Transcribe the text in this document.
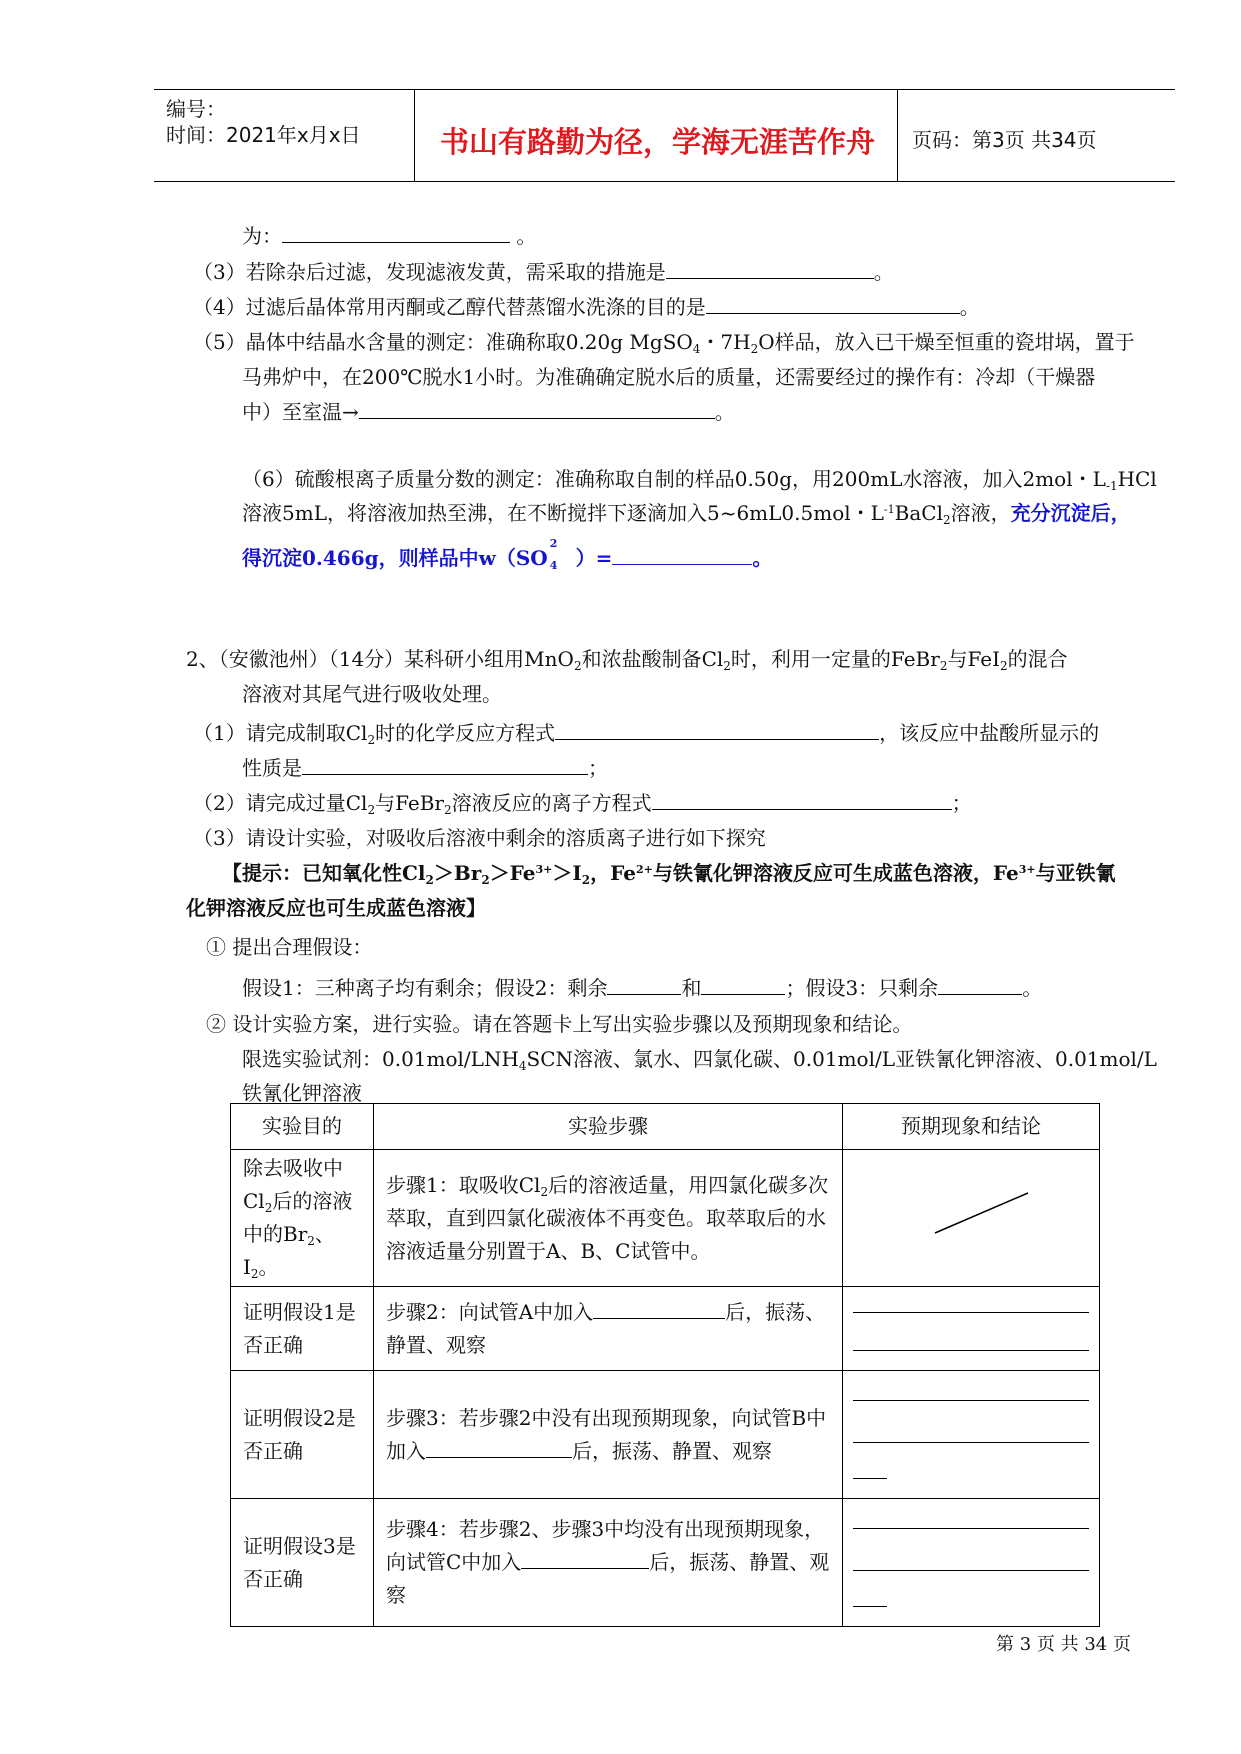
编号：
时间：2021年x月x日	书山有路勤为径，学海无涯苦作舟 页码：第3页 共34页
为：	。
（3）若除杂后过滤，发现滤液发黄，需采取的措施是	。
（4）过滤后晶体常用丙酮或乙醇代替蒸馏水洗涤的目的是	。
（5）晶体中结晶水含量的测定：准确称取0.20g MgSO$_4$・$7H_2O$样品，放入已干燥至恒重的瓷坩埚，置于
马弗炉中，在200℃脱水1小时。为准确确定脱水后的质量，还需要经过的操作有：冷却（干燥器
中）至室温→	。
（6）硫酸根离子质量分数的测定：准确称取自制的样品0.50g，用200mL水溶液，加入2mol・$L_{-1}HCl$
溶液5mL，将溶液加热至沸，在不断搅拌下逐滴加入5~6mL0.5mol・$L^{-1}BaCl_2$溶液，充分沉淀后，
得沉淀0.466g，则样品中w（SO
2
4 ）=	。
2、（安徽池州）（14分）某科研小组用MnO$_2$和浓盐酸制备$Cl_2$时，利用一定量的FeBr$_2$与FeI$_2$的混合
溶液对其尾气进行吸收处理。
（1）请完成制取$Cl_2$时的化学反应方程式	，该反应中盐酸所显示的
性质是	；
（2）请完成过量$Cl_2$与FeBr$_2$溶液反应的离子方程式	；
（3）请设计实验，对吸收后溶液中剩余的溶质离子进行如下探究
【提示：已知氧化性$Cl_2>Br_2>Fe^{3+}>I_2$，$Fe^{2+}$与铁氰化钾溶液反应可生成蓝色溶液，$Fe^{3+}$与亚铁氰
化钾溶液反应也可生成蓝色溶液】
① 提出合理假设：
假设1：三种离子均有剩余；假设2：剩余	和	；假设3：只剩余	。
② 设计实验方案，进行实验。请在答题卡上写出实验步骤以及预期现象和结论。
限选实验试剂：$0.01mol/LNH_4SCN$溶液、氯水、四氯化碳、0.01mol/L亚铁氰化钾溶液、0.01mol/L
铁氰化钾溶液
实验目的	实验步骤	预期现象和结论
除去吸收中$Cl_2$后的溶液中的$Br_2$、$I_2$。	步骤1：取吸收$Cl_2$后的溶液适量，用四氯化碳多次萃取，直到四氯化碳液体不再变色。取萃取后的水溶液适量分别置于A、B、C试管中。	
证明假设1是否正确	步骤2：向试管A中加入 后，振荡、静置、观察	

证明假设2是否正确	步骤3：若步骤2中没有出现预期现象，向试管B中加入 后，振荡、静置、观察	

证明假设3是否正确	步骤4：若步骤2、步骤3中均没有出现预期现象，向试管C中加入 后，振荡、静置、观察	
第 3 页 共 34 页
